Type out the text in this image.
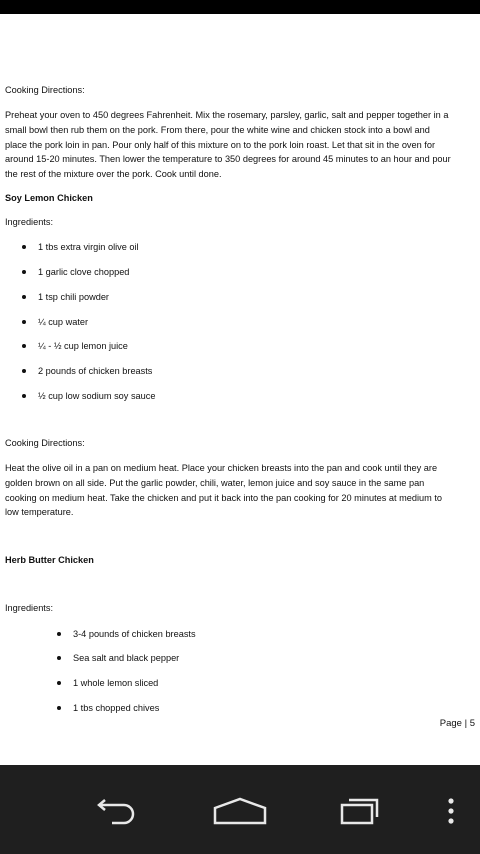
Cooking Directions:
Preheat your oven to 450 degrees Fahrenheit. Mix the rosemary, parsley, garlic, salt and pepper together in a
small bowl then rub them on the pork. From there, pour the white wine and chicken stock into a bowl and
place the pork loin in pan. Pour only half of this mixture on to the pork loin roast. Let that sit in the oven for
around 15-20 minutes. Then lower the temperature to 350 degrees for around 45 minutes to an hour and pour
the rest of the mixture over the pork. Cook until done.
Soy Lemon Chicken
Ingredients:
1 tbs extra virgin olive oil
1 garlic clove chopped
1 tsp chili powder
¼ cup water
¼ - ½ cup lemon juice
2 pounds of chicken breasts
½ cup low sodium soy sauce
Cooking Directions:
Heat the olive oil in a pan on medium heat. Place your chicken breasts into the pan and cook until they are
golden brown on all side. Put the garlic powder, chili, water, lemon juice and soy sauce in the same pan
cooking on medium heat. Take the chicken and put it back into the pan cooking for 20 minutes at medium to
low temperature.
Herb Butter Chicken
Ingredients:
3-4 pounds of chicken breasts
Sea salt and black pepper
1 whole lemon sliced
1 tbs chopped chives
Page | 5
